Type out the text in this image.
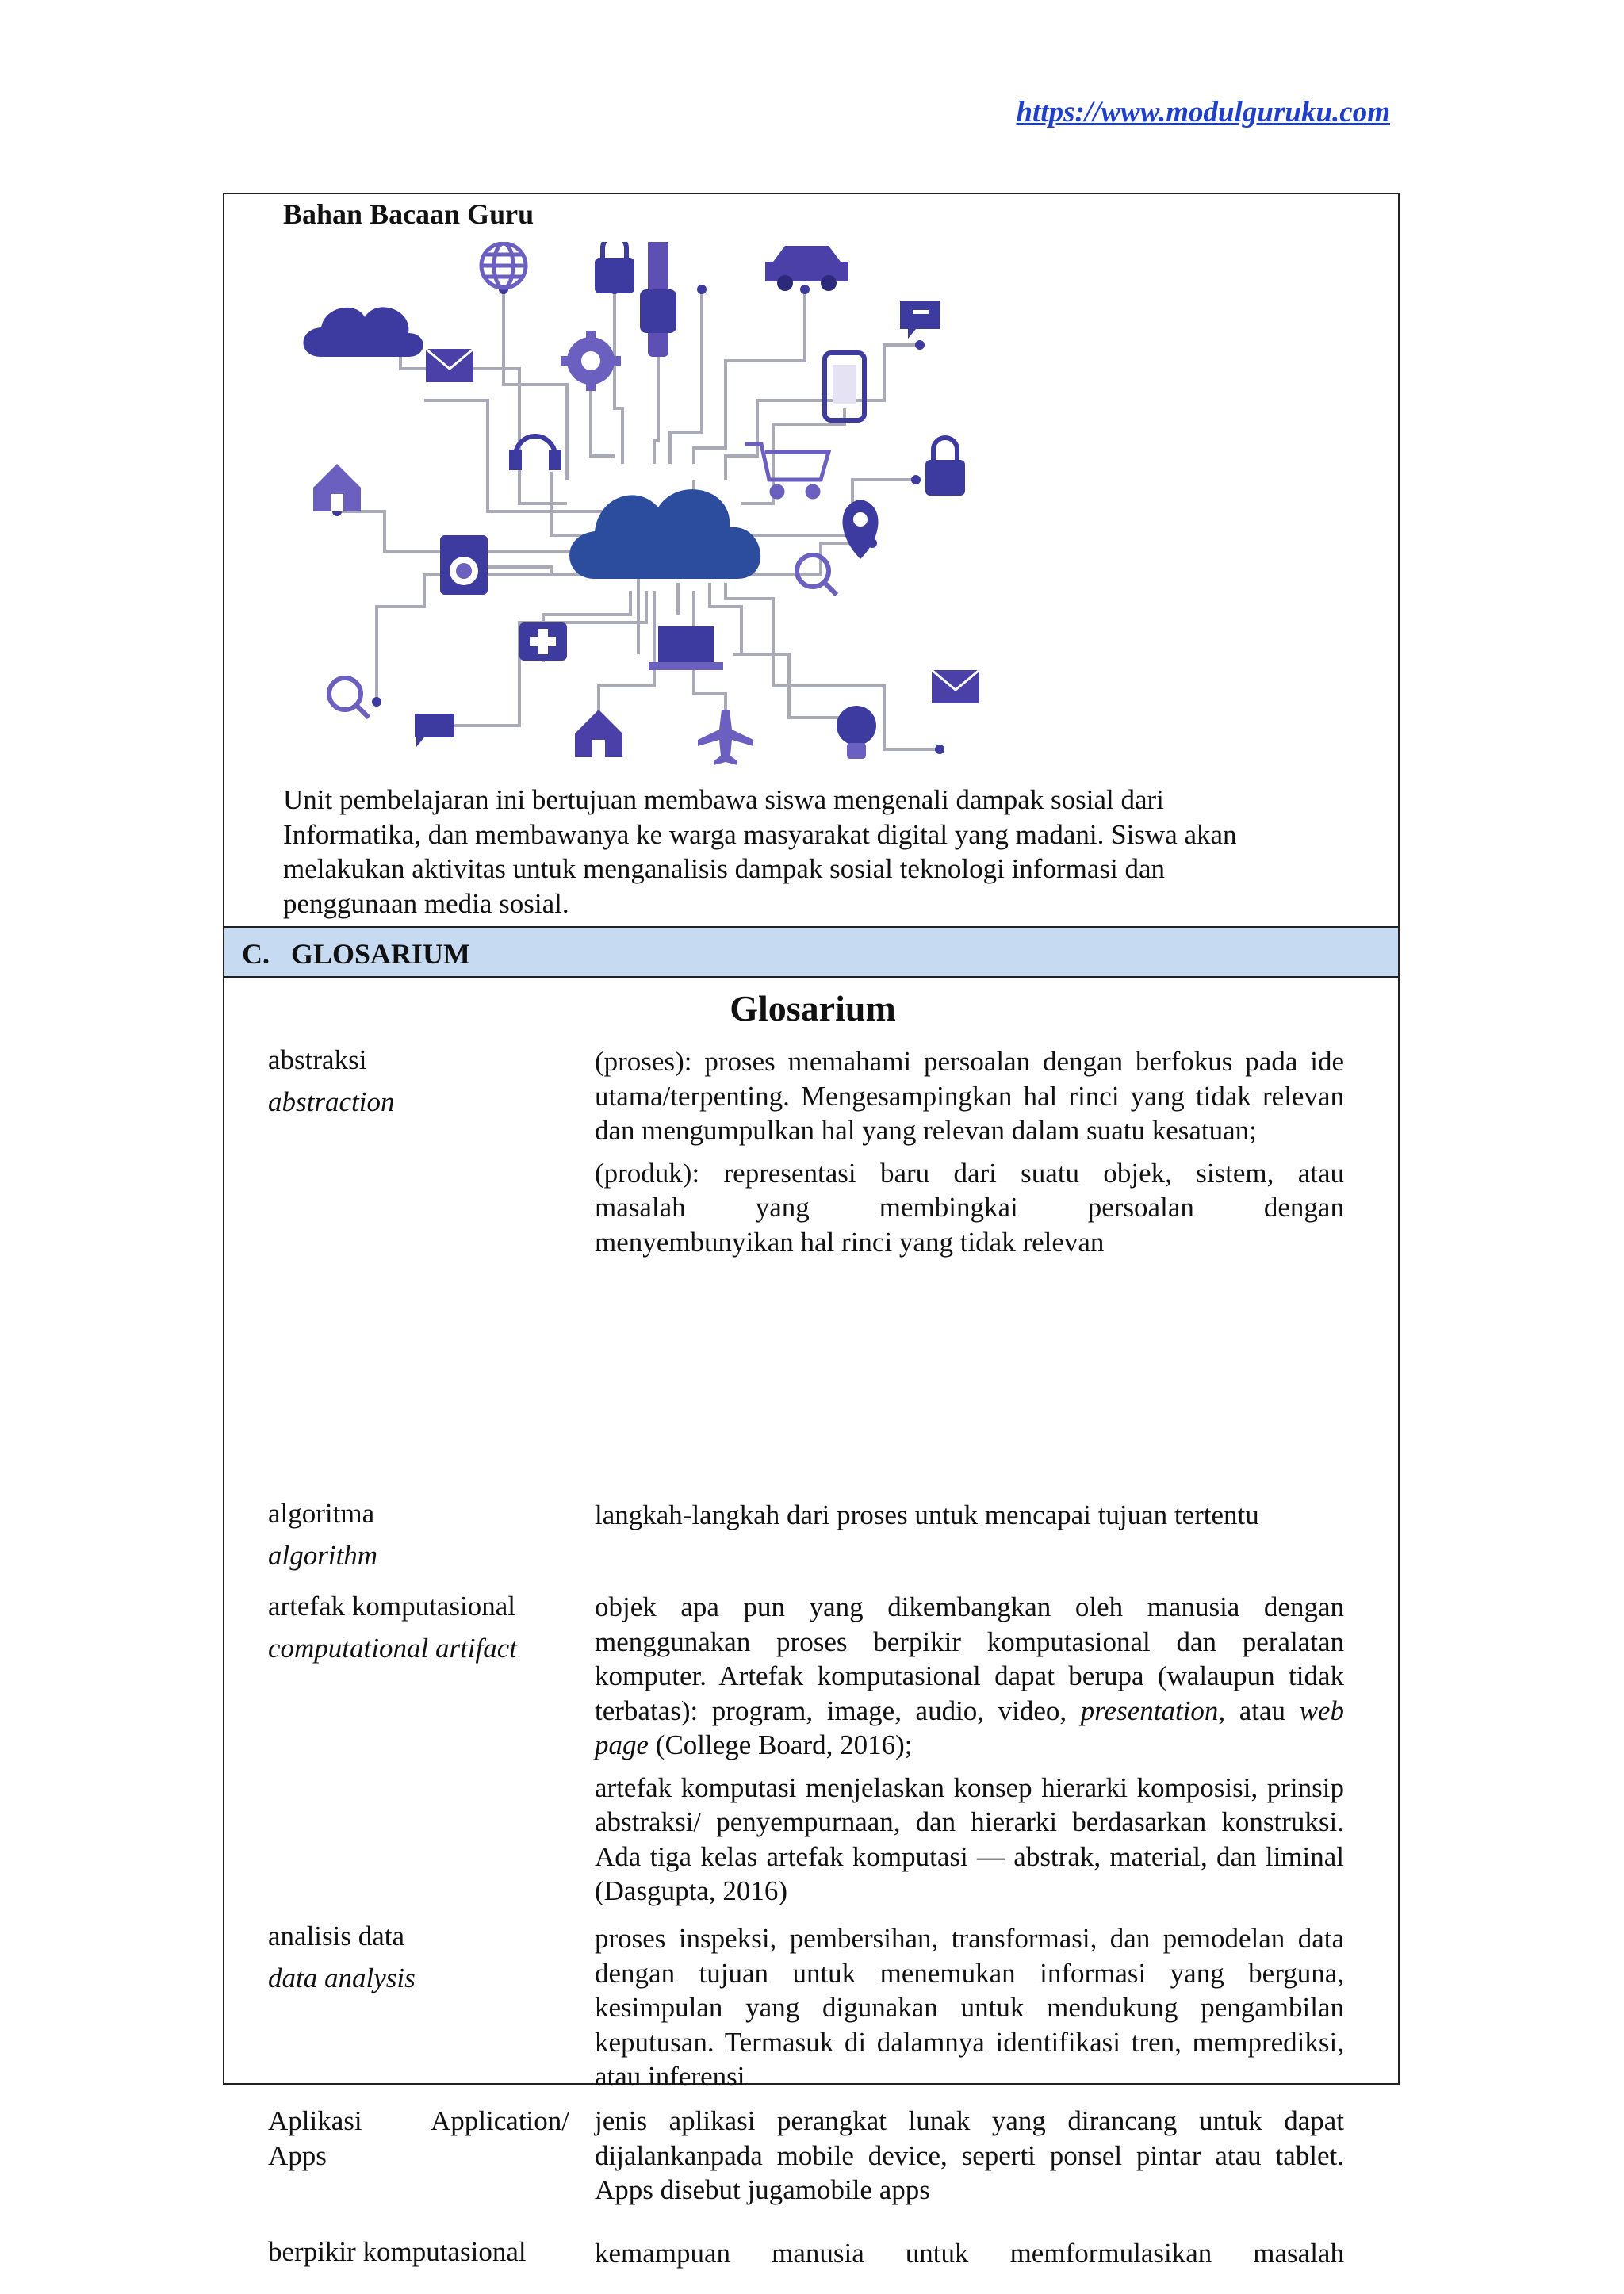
https://www.modulguruku.com
Bahan Bacaan Guru

Unit pembelajaran ini bertujuan membawa siswa mengenali dampak sosial dari

Informatika, dan membawanya ke warga masyarakat digital yang madani. Siswa akan

melakukan aktivitas untuk menganalisis dampak sosial teknologi informasi dan

penggunaan media sosial.

C.   GLOSARIUM
Glosarium
abstraksi
abstraction

(proses): proses memahami persoalan dengan berfokus pada ide utama/terpenting. Mengesampingkan hal rinci yang tidak relevan dan mengumpulkan hal yang relevan dalam suatu kesatuan;

(produk): representasi baru dari suatu objek, sistem, atau
masalah	yang	membingkai	persoalan	dengan
menyembunyikan hal rinci yang tidak relevan
algoritma
algorithm

langkah-langkah dari proses untuk mencapai tujuan tertentu

artefak komputasional
computational artifact

objek apa pun yang dikembangkan oleh manusia dengan menggunakan proses berpikir komputasional dan peralatan komputer. Artefak komputasional dapat berupa (walaupun tidak terbatas): program, image, audio, video, presentation, atau web page (College Board, 2016);

artefak komputasi menjelaskan konsep hierarki komposisi, prinsip abstraksi/ penyempurnaan, dan hierarki berdasarkan konstruksi. Ada tiga kelas artefak komputasi — abstrak, material, dan liminal (Dasgupta, 2016)

analisis data
data analysis

proses inspeksi, pembersihan, transformasi, dan pemodelan data dengan tujuan untuk menemukan informasi yang berguna, kesimpulan yang digunakan untuk mendukung pengambilan keputusan. Termasuk di dalamnya identifikasi tren, memprediksi, atau inferensi

Aplikasi Application/
Apps

jenis aplikasi perangkat lunak yang dirancang untuk dapat dijalankanpada mobile device, seperti ponsel pintar atau tablet. Apps disebut jugamobile apps

berpikir komputasional	kemampuan manusia untuk memformulasikan masalah
